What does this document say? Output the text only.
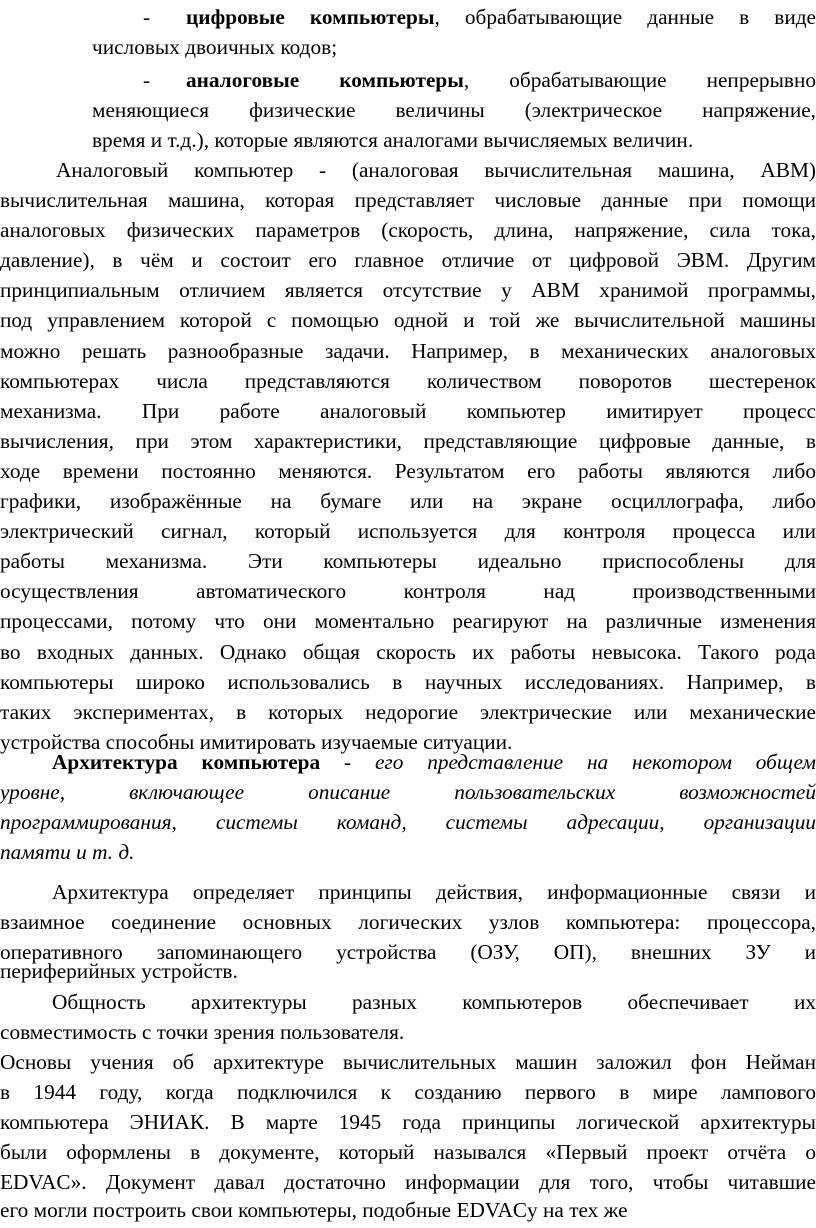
-	цифровые компьютеры, обрабатывающие данные в виде
числовых двоичных кодов;
-	аналоговые компьютеры, обрабатывающие непрерывно
меняющиеся физические величины (электрическое напряжение,
время и т.д.), которые являются аналогами вычисляемых величин.
Аналоговый компьютер - (аналоговая вычислительная машина, АВМ)
вычислительная машина, которая представляет числовые данные при помощи
аналоговых физических параметров (скорость, длина, напряжение, сила тока,
давление), в чём и состоит его главное отличие от цифровой ЭВМ. Другим
принципиальным отличием является отсутствие у АВМ хранимой программы,
под управлением которой с помощью одной и той же вычислительной машины
можно решать разнообразные задачи. Например, в механических аналоговых
компьютерах числа представляются количеством поворотов шестеренок
механизма. При работе аналоговый компьютер имитирует процесс
вычисления, при этом характеристики, представляющие цифровые данные, в
ходе времени постоянно меняются. Результатом его работы являются либо
графики, изображённые на бумаге или на экране осциллографа, либо
электрический сигнал, который используется для контроля процесса или
работы механизма. Эти компьютеры идеально приспособлены для
осуществления автоматического контроля над производственными
процессами, потому что они моментально реагируют на различные изменения
во входных данных. Однако общая скорость их работы невысока. Такого рода
компьютеры широко использовались в научных исследованиях. Например, в
таких экспериментах, в которых недорогие электрические или механические
устройства способны имитировать изучаемые ситуации.
Архитектура компьютера - его представление на некотором общем
уровне, включающее описание пользовательских возможностей
программирования, системы команд, системы адресации, организации
памяти и т. д.
Архитектура определяет принципы действия, информационные связи и
взаимное соединение основных логических узлов компьютера: процессора,
оперативного запоминающего устройства (ОЗУ, ОП), внешних ЗУ и
периферийных устройств.
Общность архитектуры разных компьютеров обеспечивает их
совместимость с точки зрения пользователя.
Основы учения об архитектуре вычислительных машин заложил фон Нейман
в 1944 году, когда подключился к созданию первого в мире лампового
компьютера ЭНИАК. В марте 1945 года принципы логической архитектуры
были оформлены в документе, который назывался «Первый проект отчёта о
EDVAC». Документ давал достаточно информации для того, чтобы читавшие
его могли построить свои компьютеры, подобные EDVACу на тех же
